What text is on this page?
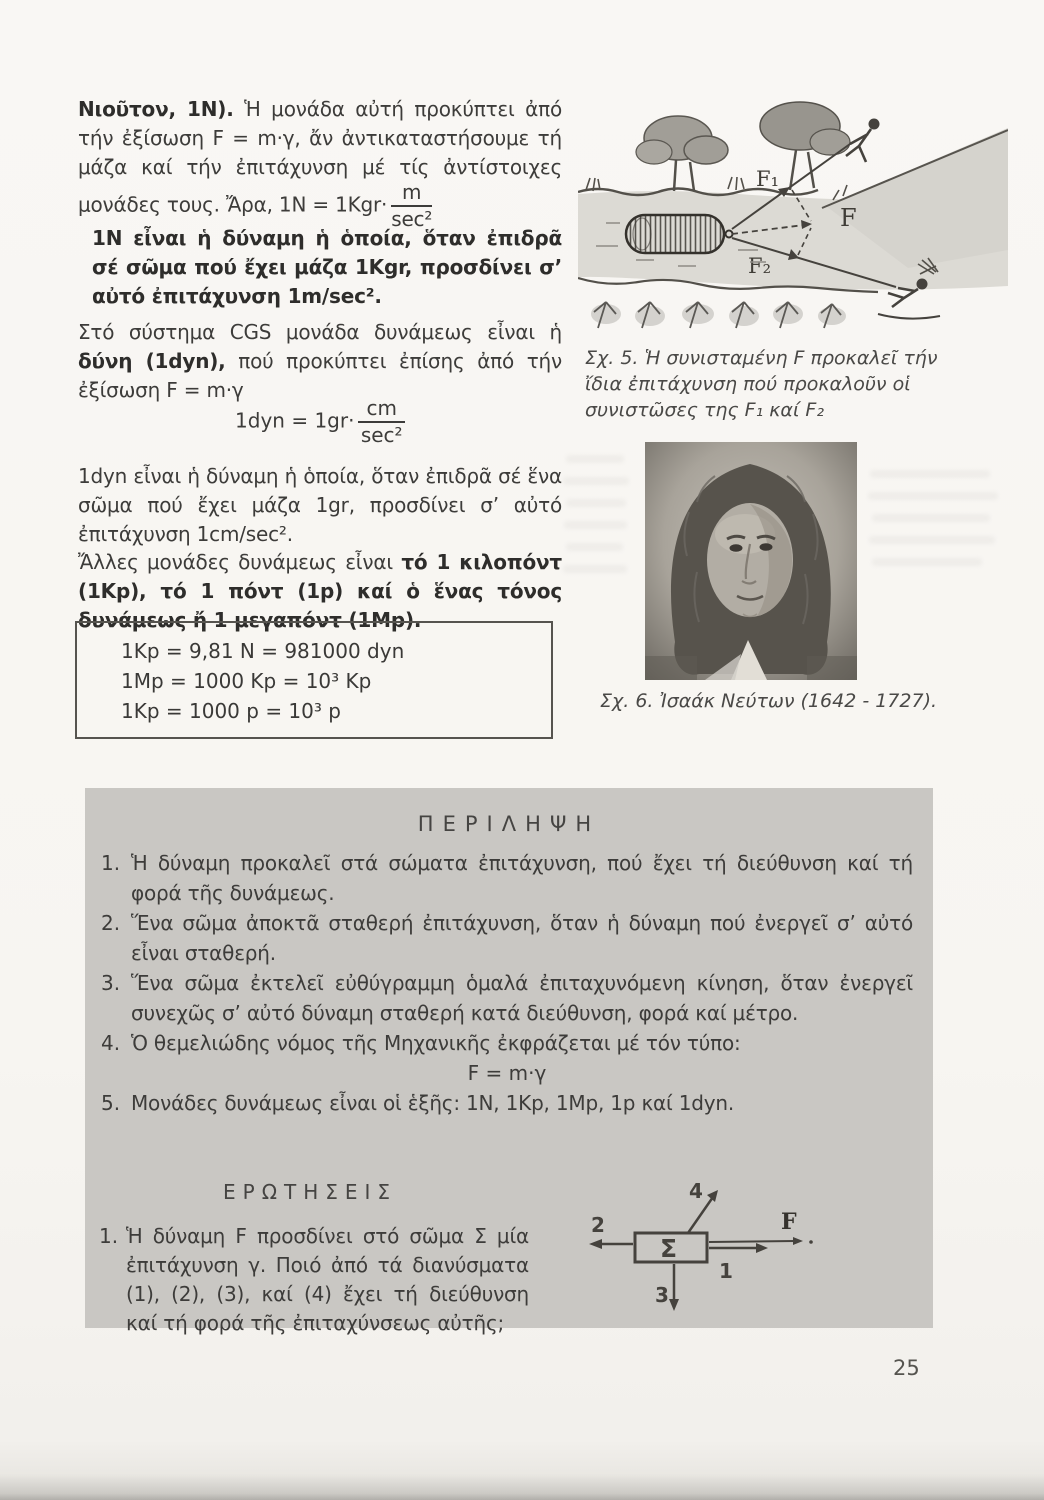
Νιοῦτον, 1N). Ἡ μονάδα αὐτή προκύπτει ἀπό τήν ἐξίσωση F = m·γ, ἄν ἀντικαταστήσουμε τή μάζα καί τήν ἐπιτάχυνση μέ τίς ἀντίστοιχες μονάδες τους. Ἄρα, $1N = 1Kgr\cdot \frac{m}{\text{sec²}}$
1N εἶναι ἡ δύναμη ἡ ὁποία, ὅταν ἐπιδρᾶ σέ σῶμα πού ἔχει μάζα 1Kgr, προσδίνει σ’ αὐτό ἐπιτάχυνση 1m/sec².
Στό σύστημα CGS μονάδα δυνάμεως εἶναι ἡ δύνη (1dyn), πού προκύπτει ἐπίσης ἀπό τήν ἐξίσωση F = m·γ
$1dyn = 1gr\cdot \frac{cm}{\text{sec²}}$
1dyn εἶναι ἡ δύναμη ἡ ὁποία, ὅταν ἐπιδρᾶ σέ ἕνα σῶμα πού ἔχει μάζα 1gr, προσδίνει σ’ αὐτό ἐπιτάχυνση 1cm/sec².
Ἄλλες μονάδες δυνάμεως εἶναι τό 1 κιλοπόντ (1Kp), τό 1 πόντ (1p) καί ὁ ἕνας τόνος δυνάμεως ἤ 1 μεγαπόντ (1Mp).
1Kp = 9,81 N = 981000 dyn
1Mp = 1000 Kp = 10³ Kp
1Kp = 1000 p = 10³ p
F₁
F₂
F
Σχ. 5. Ἡ συνισταμένη F προκαλεῖ τήν ἴδια ἐπιτάχυνση πού προκαλοῦν οἱ συνιστῶσες της F₁ καί F₂
Σχ. 6. Ἰσαάκ Νεύτων (1642 - 1727).
ΠΕΡΙΛΗΨΗ
1. Ἡ δύναμη προκαλεῖ στά σώματα ἐπιτάχυνση, πού ἔχει τή διεύθυνση καί τή φορά τῆς δυνάμεως.
2. Ἕνα σῶμα ἀποκτᾶ σταθερή ἐπιτάχυνση, ὅταν ἡ δύναμη πού ἐνεργεῖ σ’ αὐτό εἶναι σταθερή.
3. Ἕνα σῶμα ἐκτελεῖ εὐθύγραμμη ὁμαλά ἐπιταχυνόμενη κίνηση, ὅταν ἐνεργεῖ συνεχῶς σ’ αὐτό δύναμη σταθερή κατά διεύθυνση, φορά καί μέτρο.
4. Ὁ θεμελιώδης νόμος τῆς Μηχανικῆς ἐκφράζεται μέ τόν τύπο:
F = m·γ
5. Μονάδες δυνάμεως εἶναι οἱ ἑξῆς: 1N, 1Kp, 1Mp, 1p καί 1dyn.
ΕΡΩΤΗΣΕΙΣ
1. Ἡ δύναμη F προσδίνει στό σῶμα Σ μία ἐπιτάχυνση γ. Ποιό ἀπό τά διανύσματα (1), (2), (3), καί (4) ἔχει τή διεύθυνση καί τή φορά τῆς ἐπιταχύνσεως αὐτῆς;
Σ
2
4
3
F
1
25
